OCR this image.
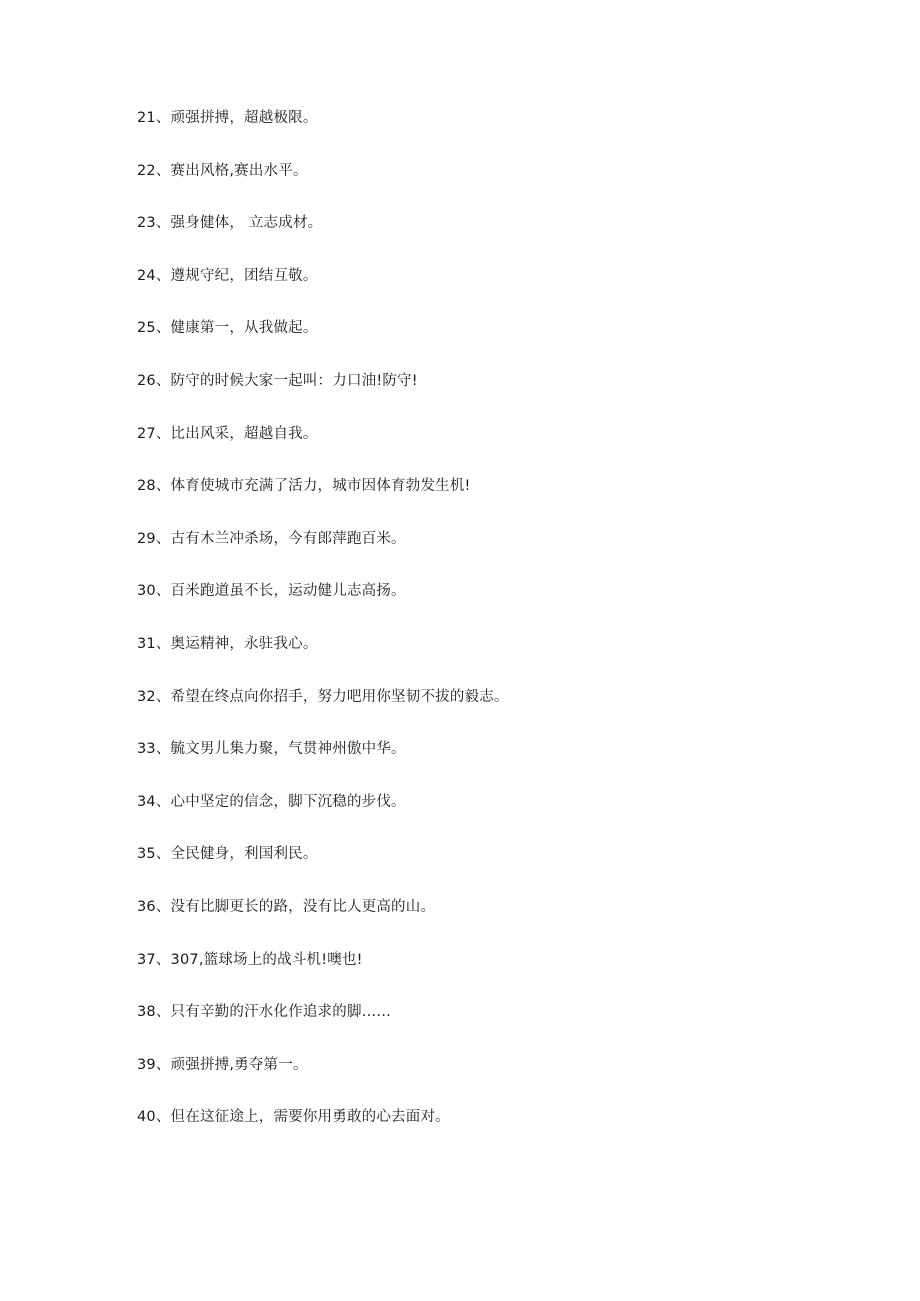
21、顽强拼搏，超越极限。
22、赛出风格,赛出水平。
23、强身健体， 立志成材。
24、遵规守纪，团结互敬。
25、健康第一，从我做起。
26、防守的时候大家一起叫：力口油!防守!
27、比出风采，超越自我。
28、体育使城市充满了活力，城市因体育勃发生机!
29、古有木兰冲杀场，今有郎萍跑百米。
30、百米跑道虽不长，运动健儿志高扬。
31、奥运精神，永驻我心。
32、希望在终点向你招手，努力吧用你坚韧不拔的毅志。
33、毓文男儿集力聚，气贯神州傲中华。
34、心中坚定的信念，脚下沉稳的步伐。
35、全民健身，利国利民。
36、没有比脚更长的路，没有比人更高的山。
37、307,篮球场上的战斗机!噢也!
38、只有辛勤的汗水化作追求的脚……
39、顽强拼搏,勇夺第一。
40、但在这征途上，需要你用勇敢的心去面对。
